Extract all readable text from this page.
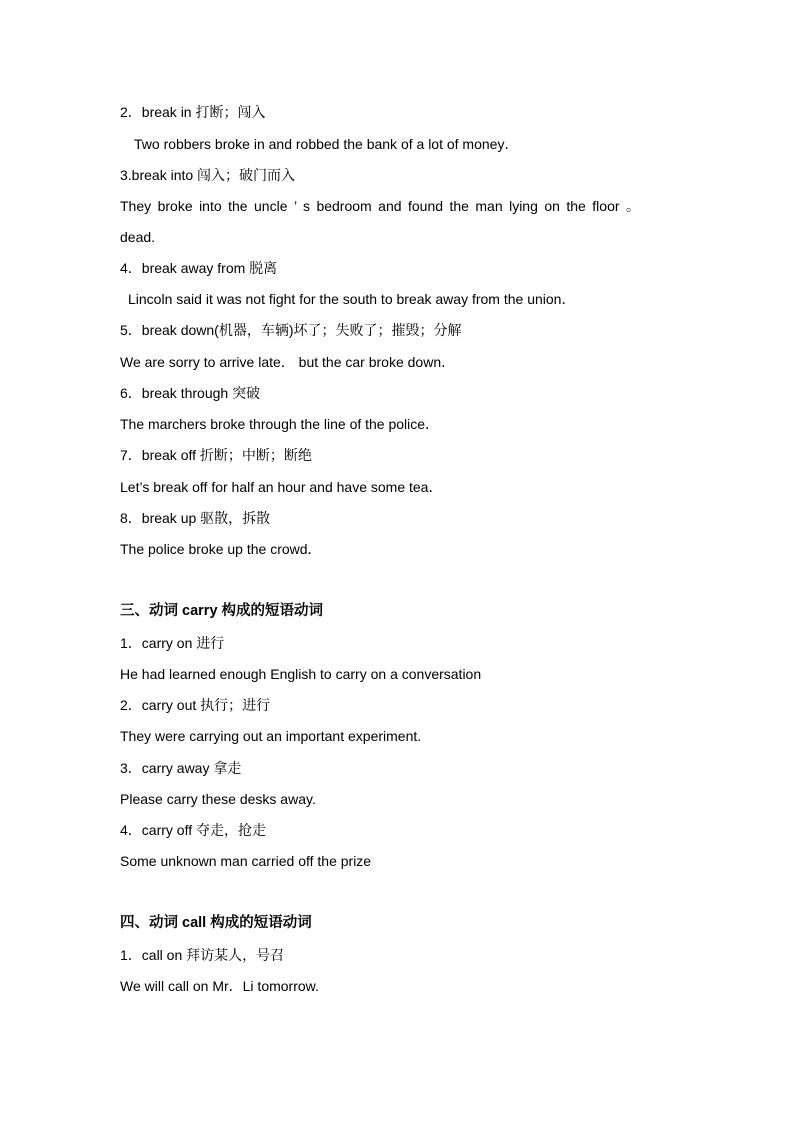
2．break in 打断；闯入
Two robbers broke in and robbed the bank of a lot of money．
3.break into 闯入；破门而入
They broke into the uncle ’ s bedroom and found the man lying on the floor 。
dead.
4．break away from 脱离
Lincoln said it was not fight for the south to break away from the union．
5．break down(机器，车辆)坏了；失败了；摧毁；分解
We are sorry to arrive late． but the car broke down．
6．break through 突破
The marchers broke through the line of the police．
7．break off 折断；中断；断绝
Let’s break off for half an hour and have some tea．
8．break up 驱散，拆散
The police broke up the crowd．
三、动词 carry 构成的短语动词
1．carry on 进行
He had learned enough English to carry on a conversation
2．carry out 执行；进行
They were carrying out an important experiment.
3．carry away 拿走
Please carry these desks away.
4．carry off 夺走，抢走
Some unknown man carried off the prize
四、动词 call 构成的短语动词
1．call on 拜访某人，号召
We will call on Mr．Li tomorrow.
